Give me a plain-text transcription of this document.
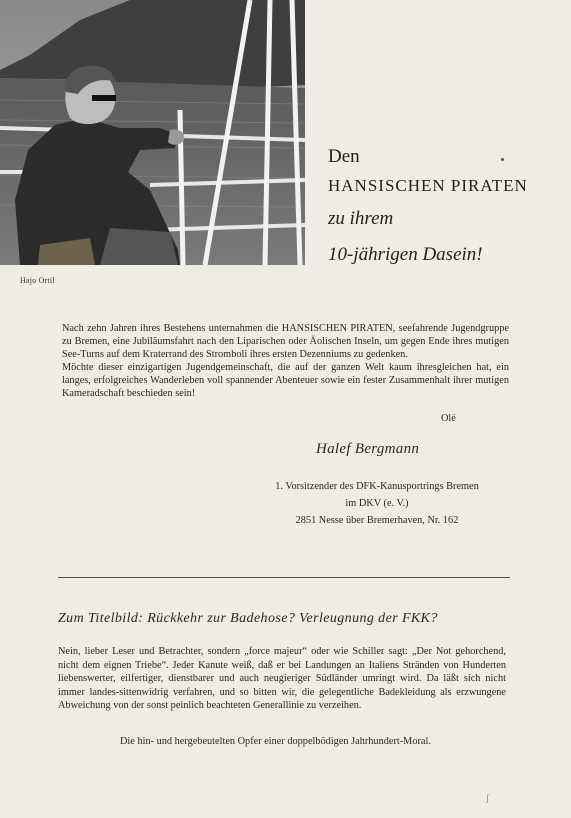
Hajo Ortil
Den
HANSISCHEN PIRATEN
zu ihrem
10-jährigen Dasein!

Nach zehn Jahren ihres Bestehens unternahmen die HANSISCHEN PIRATEN, seefahrende Jugendgruppe zu Bremen, eine Jubiläumsfahrt nach den Liparischen oder Äolischen Inseln, um gegen Ende ihres mutigen See-Turns auf dem Kraterrand des Stromboli ihres ersten Dezenniums zu gedenken.

Möchte dieser einzigartigen Jugendgemeinschaft, die auf der ganzen Welt kaum ihresgleichen hat, ein langes, erfolgreiches Wanderleben voll spannender Abenteuer sowie ein fester Zusammenhalt ihrer mutigen Kameradschaft beschieden sein!

Olé
Halef Bergmann
1. Vorsitzender des DFK-Kanusportrings Bremen
im DKV (e. V.)
2851 Nesse über Bremerhaven, Nr. 162
Zum Titelbild: Rückkehr zur Badehose? Verleugnung der FKK?

Nein, lieber Leser und Betrachter, sondern „force majeur“ oder wie Schiller sagt: „Der Not gehorchend, nicht dem eignen Triebe“. Jeder Kanute weiß, daß er bei Landungen an Italiens Stränden von Hunderten liebenswerter, eilfertiger, dienstbarer und auch neugieriger Südländer umringt wird. Da läßt sich nicht immer landes-sittenwidrig verfahren, und so bitten wir, die gelegentliche Badekleidung als erzwungene Abweichung von der sonst peinlich beachteten Generallinie zu verzeihen.

Die hin- und hergebeutelten Opfer einer doppelbödigen Jahrhundert-Moral.
ʃ
